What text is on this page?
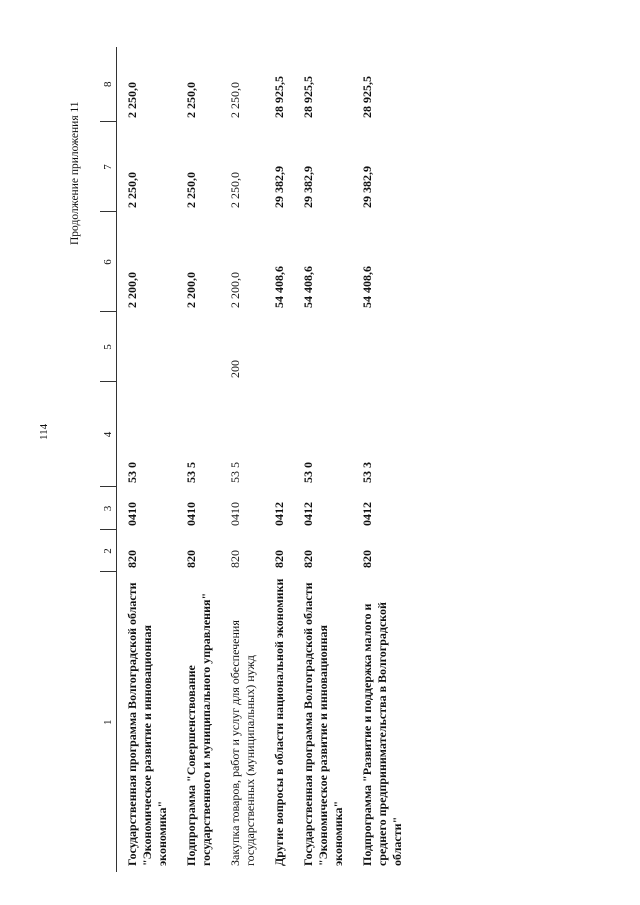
114
Продолжение приложения 11
1	2	3	4	5	6	7	8
Государственная программа Волгоградской области "Экономическое развитие и инновационная экономика"	820	0410	53 0		2 200,0	2 250,0	2 250,0
Подпрограмма "Совершенствование государственного и муниципального управления"	820	0410	53 5		2 200,0	2 250,0	2 250,0
Закупка товаров, работ и услуг для обеспечения государственных (муниципальных) нужд	820	0410	53 5	200	2 200,0	2 250,0	2 250,0
Другие вопросы в области национальной экономики	820	0412			54 408,6	29 382,9	28 925,5
Государственная программа Волгоградской области "Экономическое развитие и инновационная экономика"	820	0412	53 0		54 408,6	29 382,9	28 925,5
Подпрограмма "Развитие и поддержка малого и среднего предпринимательства в Волгоградской области"	820	0412	53 3		54 408,6	29 382,9	28 925,5
